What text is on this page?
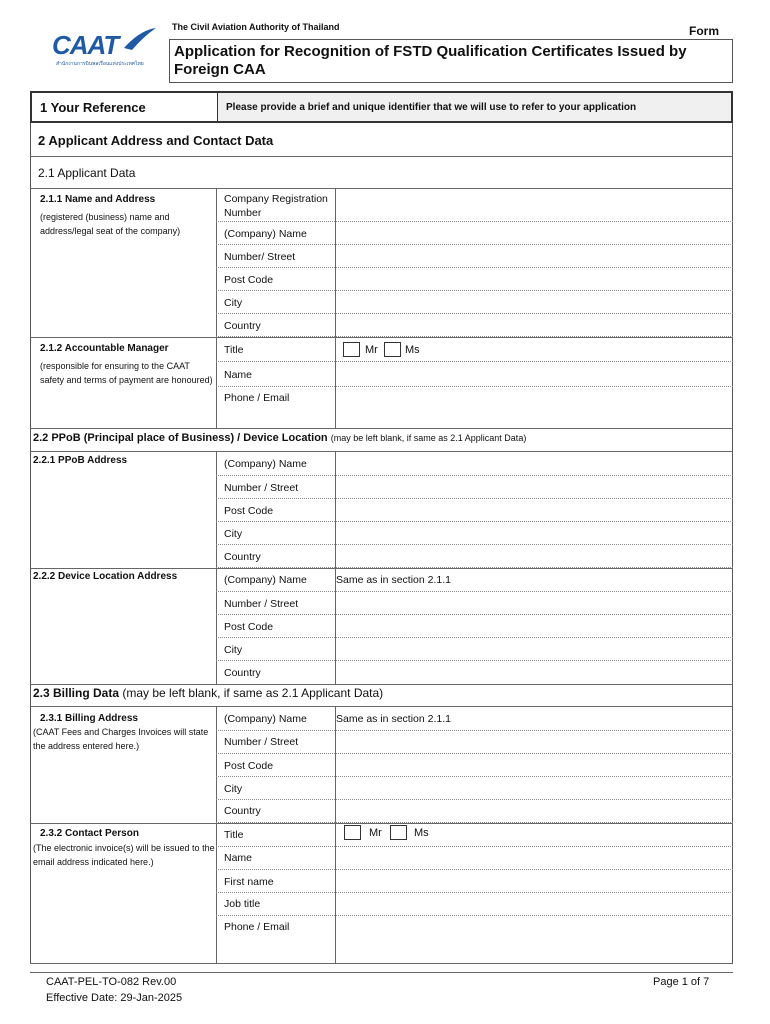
CAAT
สำนักงานการบินพลเรือนแห่งประเทศไทย
The Civil Aviation Authority of Thailand	Form
Application for Recognition of FSTD Qualification Certificates Issued by Foreign CAA
1 Your Reference	Please provide a brief and unique identifier that we will use to refer to your application
2 Applicant Address and Contact Data
2.1 Applicant Data
2.1.1 Name and Address
(registered (business) name and address/legal seat of the company)
Company Registration Number
(Company) Name
Number/ Street
Post Code
City
Country
2.1.2 Accountable Manager
(responsible for ensuring to the CAAT safety and terms of payment are honoured)
Title	Mr Ms
Name
Phone / Email
2.2 PPoB (Principal place of Business) / Device Location (may be left blank, if same as 2.1 Applicant Data)
2.2.1 PPoB Address	(Company) Name
Number / Street
Post Code
City
Country
2.2.2 Device Location Address	(Company) Name	Same as in section 2.1.1
Number / Street
Post Code
City
Country
2.3 Billing Data (may be left blank, if same as 2.1 Applicant Data)
2.3.1 Billing Address
(CAAT Fees and Charges Invoices will state the address entered here.)
(Company) Name	Same as in section 2.1.1
Number / Street
Post Code
City
Country
2.3.2 Contact Person
(The electronic invoice(s) will be issued to the email address indicated here.)
Title	Mr	Ms
Name
First name
Job title
Phone / Email
CAAT-PEL-TO-082 Rev.00
Effective Date: 29-Jan-2025
Page 1 of 7
